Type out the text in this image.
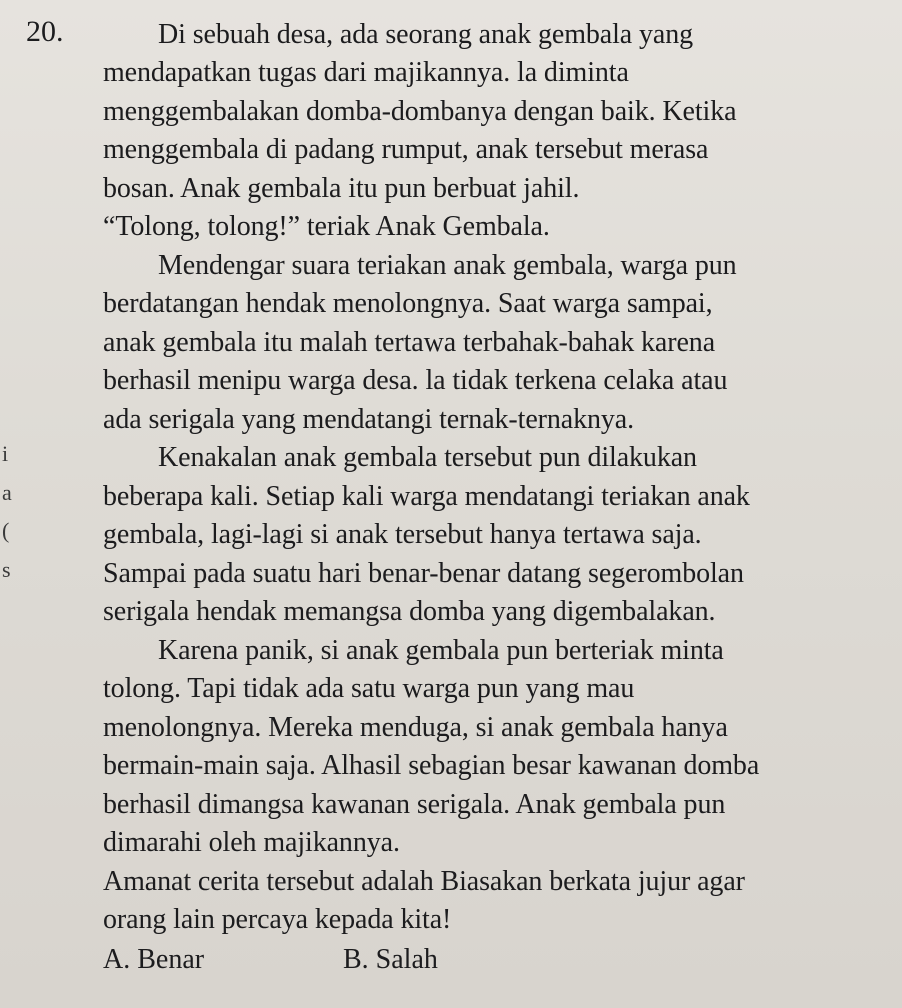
20.	Di sebuah desa, ada seorang anak gembala yang
mendapatkan tugas dari majikannya. la diminta
menggembalakan domba-dombanya dengan baik. Ketika
menggembala di padang rumput, anak tersebut merasa
bosan. Anak gembala itu pun berbuat jahil.
“Tolong, tolong!” teriak Anak Gembala.
Mendengar suara teriakan anak gembala, warga pun
berdatangan hendak menolongnya. Saat warga sampai,
anak gembala itu malah tertawa terbahak-bahak karena
berhasil menipu warga desa. la tidak terkena celaka atau
ada serigala yang mendatangi ternak-ternaknya.
Kenakalan anak gembala tersebut pun dilakukan
beberapa kali. Setiap kali warga mendatangi teriakan anak
gembala, lagi-lagi si anak tersebut hanya tertawa saja.
Sampai pada suatu hari benar-benar datang segerombolan
serigala hendak memangsa domba yang digembalakan.
Karena panik, si anak gembala pun berteriak minta
tolong. Tapi tidak ada satu warga pun yang mau
menolongnya. Mereka menduga, si anak gembala hanya
bermain-main saja. Alhasil sebagian besar kawanan domba
berhasil dimangsa kawanan serigala. Anak gembala pun
dimarahi oleh majikannya.
Amanat cerita tersebut adalah Biasakan berkata jujur agar
i
a
(
s
orang lain percaya kepada kita!
A. Benar	B. Salah
